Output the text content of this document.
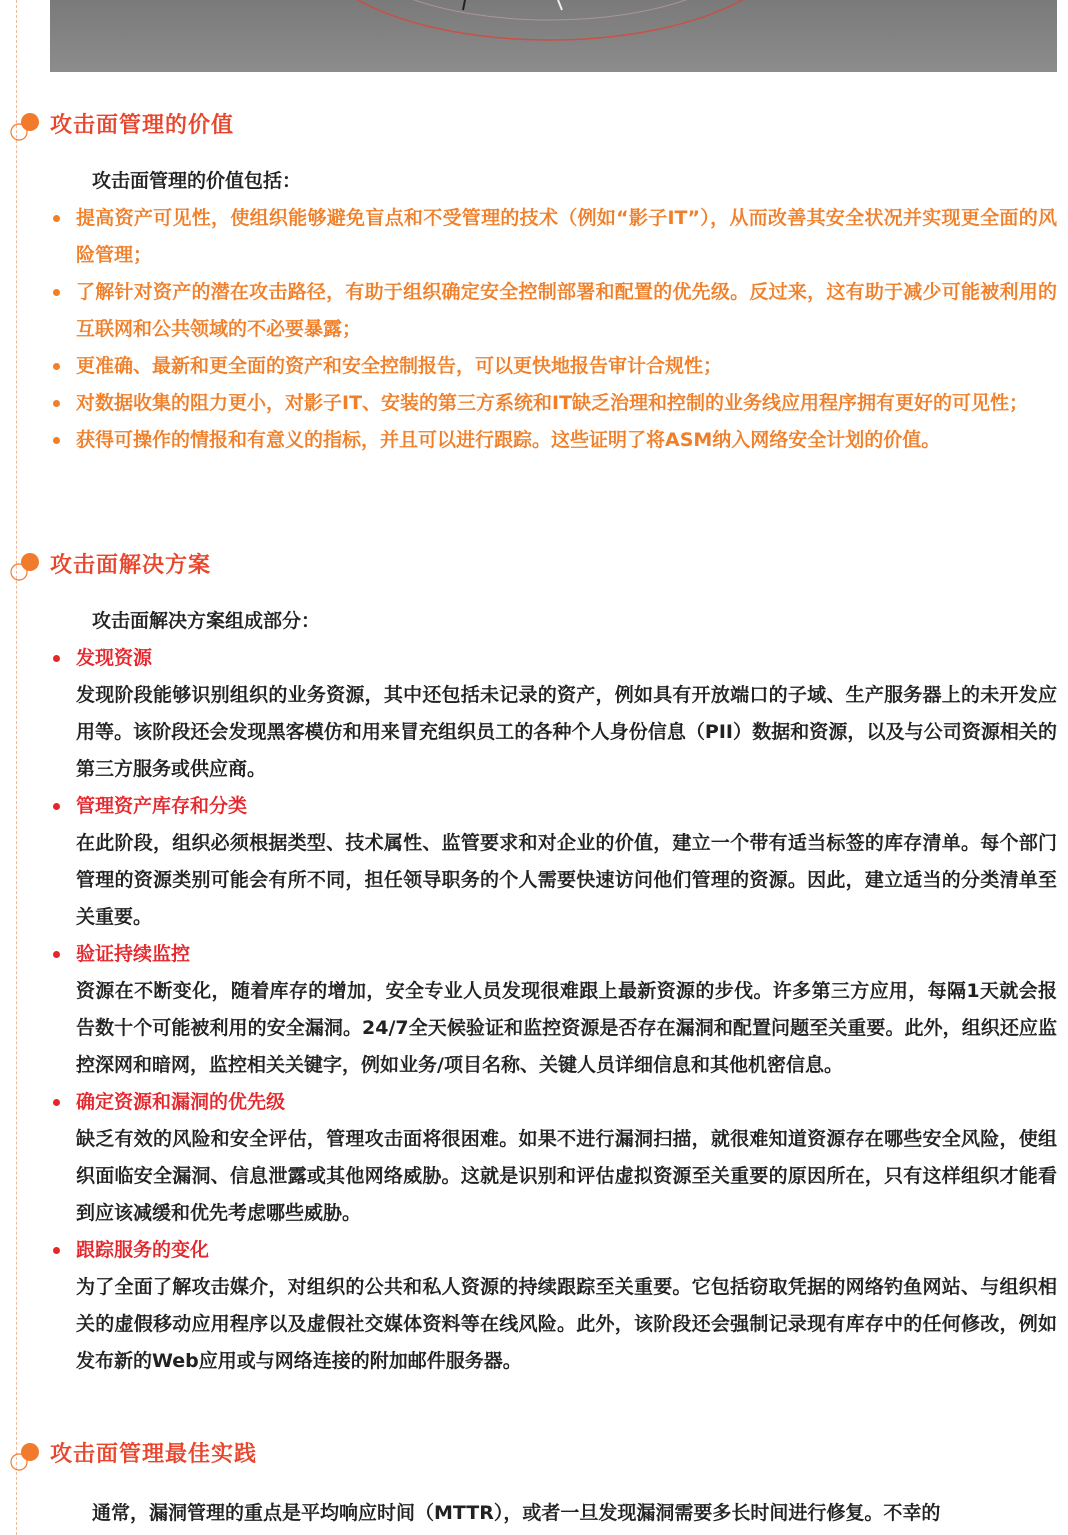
攻击面管理的价值
攻击面管理的价值包括：
提高资产可见性，使组织能够避免盲点和不受管理的技术（例如“影子IT”），从而改善其安全状况并实现更全面的风险管理；
了解针对资产的潜在攻击路径，有助于组织确定安全控制部署和配置的优先级。反过来，这有助于减少可能被利用的互联网和公共领域的不必要暴露；
更准确、最新和更全面的资产和安全控制报告，可以更快地报告审计合规性；
对数据收集的阻力更小，对影子IT、安装的第三方系统和IT缺乏治理和控制的业务线应用程序拥有更好的可见性；
获得可操作的情报和有意义的指标，并且可以进行跟踪。这些证明了将ASM纳入网络安全计划的价值。
攻击面解决方案
攻击面解决方案组成部分：
发现资源
发现阶段能够识别组织的业务资源，其中还包括未记录的资产，例如具有开放端口的子域、生产服务器上的未开发应用等。该阶段还会发现黑客模仿和用来冒充组织员工的各种个人身份信息（PII）数据和资源，以及与公司资源相关的第三方服务或供应商。
管理资产库存和分类
在此阶段，组织必须根据类型、技术属性、监管要求和对企业的价值，建立一个带有适当标签的库存清单。每个部门管理的资源类别可能会有所不同，担任领导职务的个人需要快速访问他们管理的资源。因此，建立适当的分类清单至关重要。
验证持续监控
资源在不断变化，随着库存的增加，安全专业人员发现很难跟上最新资源的步伐。许多第三方应用，每隔1天就会报告数十个可能被利用的安全漏洞。24/7全天候验证和监控资源是否存在漏洞和配置问题至关重要。此外，组织还应监控深网和暗网，监控相关关键字，例如业务/项目名称、关键人员详细信息和其他机密信息。
确定资源和漏洞的优先级
缺乏有效的风险和安全评估，管理攻击面将很困难。如果不进行漏洞扫描，就很难知道资源存在哪些安全风险，使组织面临安全漏洞、信息泄露或其他网络威胁。这就是识别和评估虚拟资源至关重要的原因所在，只有这样组织才能看到应该减缓和优先考虑哪些威胁。
跟踪服务的变化
为了全面了解攻击媒介，对组织的公共和私人资源的持续跟踪至关重要。它包括窃取凭据的网络钓鱼网站、与组织相关的虚假移动应用程序以及虚假社交媒体资料等在线风险。此外，该阶段还会强制记录现有库存中的任何修改，例如发布新的Web应用或与网络连接的附加邮件服务器。
攻击面管理最佳实践
通常，漏洞管理的重点是平均响应时间（MTTR），或者一旦发现漏洞需要多长时间进行修复。不幸的
